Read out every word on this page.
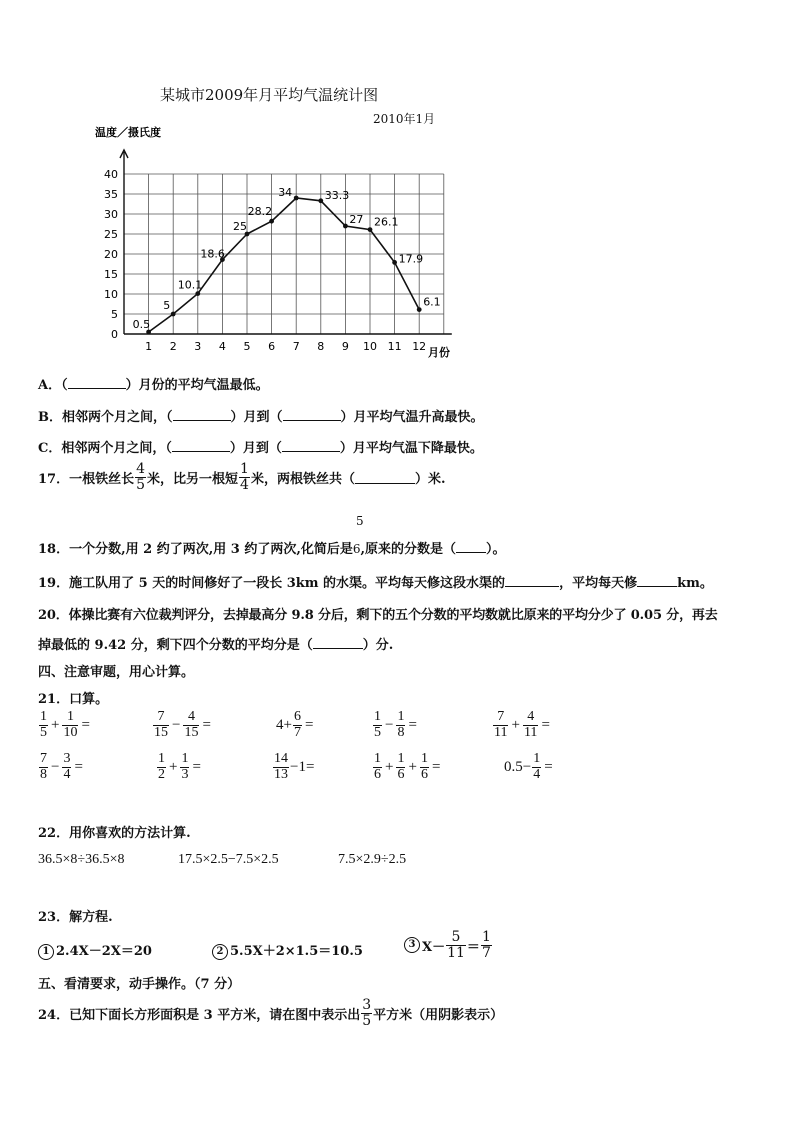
某城市2009年月平均气温统计图
2010年1月
温度／摄氏度
月份
0
5
10
15
20
25
30
35
40
1 2 3 4 5 6 7 8 9 10 11 12
0.5
5
10.1
18.6
25
28.2
34	33.3
27 26.1
17.9
6.1
A．（	）月份的平均气温最低。
B．相邻两个月之间，（	）月到（	）月平均气温升高最快。
C．相邻两个月之间，（	）月到（	）月平均气温下降最快。
17．一根铁丝长 $\frac{4}{5}$ 米，比另一根短 $\frac{1}{4}$ 米，两根铁丝共（	）米.
5
18．一个分数,用 2 约了两次,用 3 约了两次,化简后是6,原来的分数是（ ）。
19．施工队用了 5 天的时间修好了一段长 3km 的水渠。平均每天修这段水渠的	，平均每天修	km。
20．体操比赛有六位裁判评分，去掉最高分 9.8 分后，剩下的五个分数的平均数就比原来的平均分少了 0.05 分，再去
掉最低的 9.42 分，剩下四个分数的平均分是（	）分.
四、注意审题，用心计算。
21．口算。
$\frac{1}{5} + \frac{1}{10}$ =	$\frac{7}{15} - \frac{4}{15}$ =	$4+ \frac{6}{7}$ =	$\frac{1}{5} - \frac{1}{8}$ =	$\frac{7}{11} + \frac{4}{11}$ =
$\frac{7}{8} - \frac{3}{4}$ =	$\frac{1}{2} + \frac{1}{3}$ =	$\frac{14}{13} -1=$	$\frac{1}{6} + \frac{1}{6} + \frac{1}{6}$ =	$0.5- \frac{1}{4}$ =
22．用你喜欢的方法计算.
36.5×8÷36.5×8	17.5×2.5−7.5×2.5	7.5×2.9÷2.5
23．解方程.
1 2.4X－2X＝20	2 5.5X＋2×1.5＝10.5	3 $X- \frac{5}{11} = \frac{1}{7}$
五、看清要求，动手操作。（7 分）
24．已知下面长方形面积是 3 平方米，请在图中表示出 $\frac{3}{5}$ 平方米（用阴影表示）
